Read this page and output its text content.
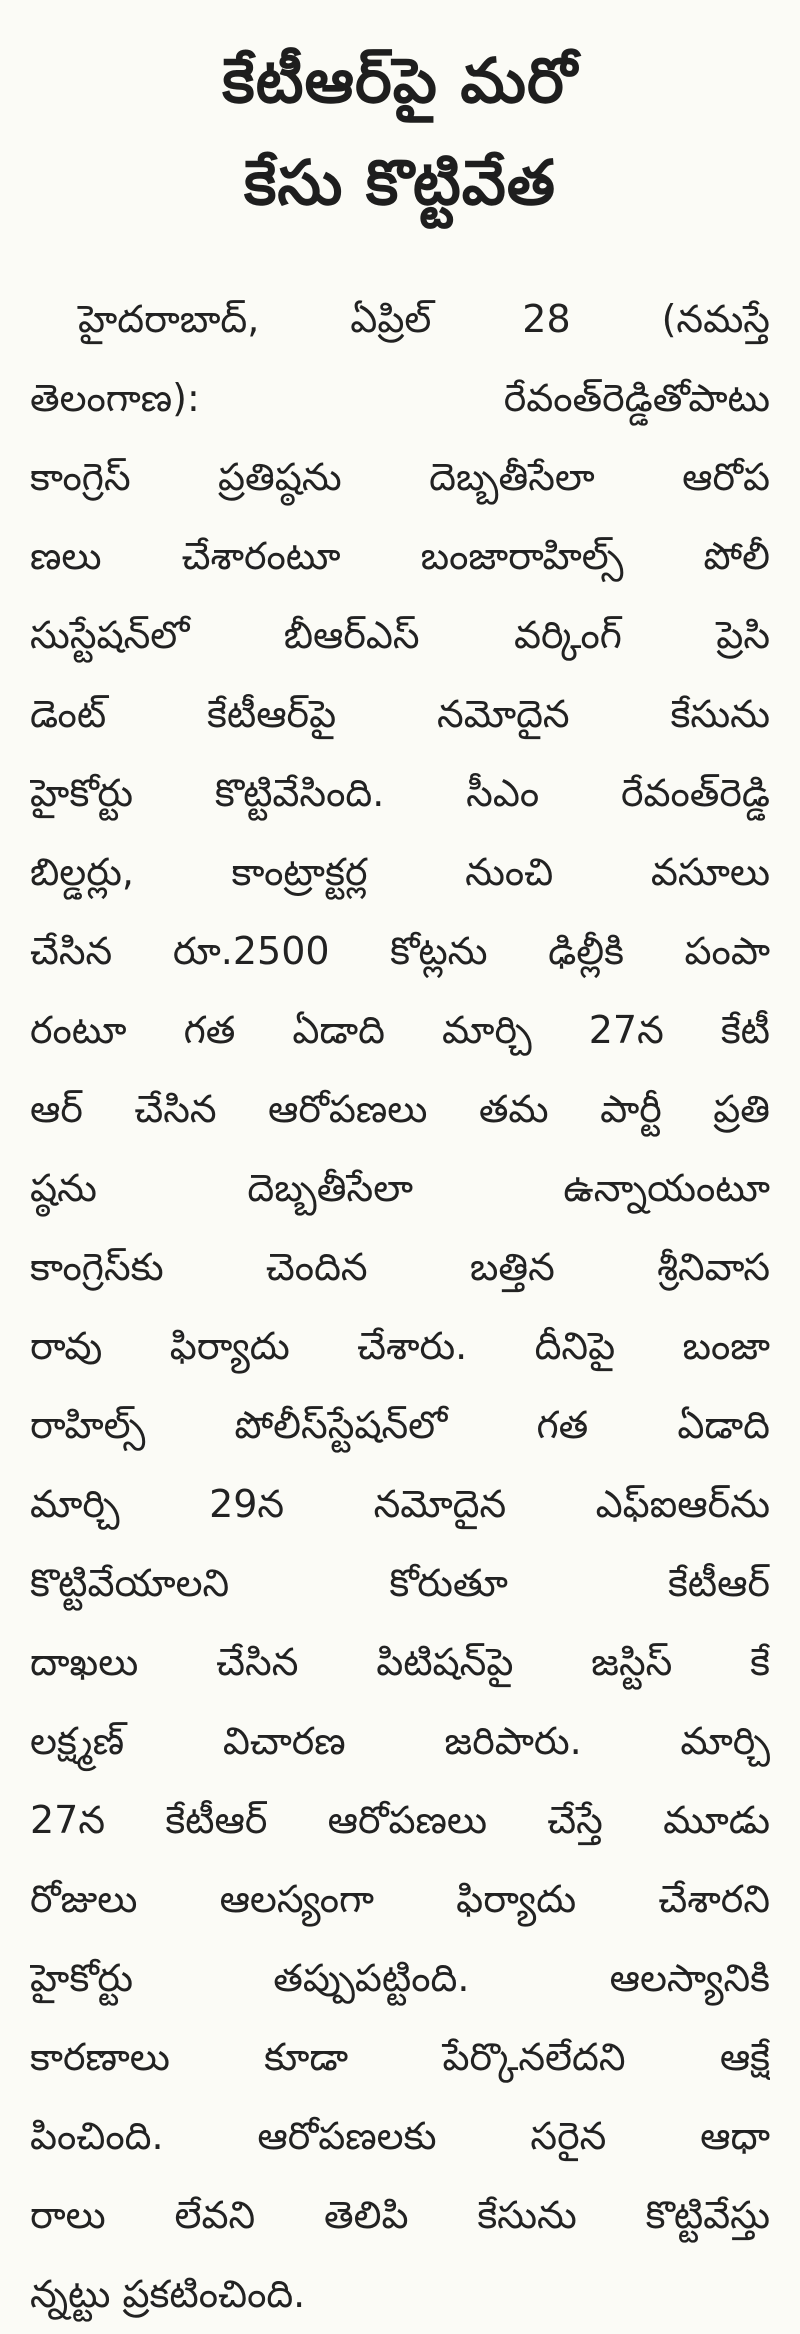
కేటీఆర్‌పై మరో
కేసు కొట్టివేత
హైదరాబాద్‌, ఏప్రిల్‌ 28 (నమస్తే
తెలంగాణ): రేవంత్‌రెడ్డితోపాటు
కాంగ్రెస్‌ ప్రతిష్ఠను దెబ్బతీసేలా ఆరోప
ణలు చేశారంటూ బంజారాహిల్స్‌ పోలీ
సుస్టేషన్‌లో బీఆర్‌ఎస్‌ వర్కింగ్‌ ప్రెసి
డెంట్‌ కేటీఆర్‌పై నమోదైన కేసును
హైకోర్టు కొట్టివేసింది. సీఎం రేవంత్‌రెడ్డి
బిల్డర్లు, కాంట్రాక్టర్ల నుంచి వసూలు
చేసిన రూ.2500 కోట్లను ఢిల్లీకి పంపా
రంటూ గత ఏడాది మార్చి 27న కేటీ
ఆర్‌ చేసిన ఆరోపణలు తమ పార్టీ ప్రతి
ష్ఠను దెబ్బతీసేలా ఉన్నాయంటూ
కాంగ్రెస్‌కు చెందిన బత్తిన శ్రీనివాస
రావు ఫిర్యాదు చేశారు. దీనిపై బంజా
రాహిల్స్‌ పోలీస్‌స్టేషన్‌లో గత ఏడాది
మార్చి 29న నమోదైన ఎఫ్‌ఐఆర్‌ను
కొట్టివేయాలని కోరుతూ కేటీఆర్‌
దాఖలు చేసిన పిటిషన్‌పై జస్టిస్‌ కే
లక్ష్మణ్‌ విచారణ జరిపారు. మార్చి
27న కేటీఆర్‌ ఆరోపణలు చేస్తే మూడు
రోజులు ఆలస్యంగా ఫిర్యాదు చేశారని
హైకోర్టు తప్పుపట్టింది. ఆలస్యానికి
కారణాలు కూడా పేర్కొనలేదని ఆక్షే
పించింది. ఆరోపణలకు సరైన ఆధా
రాలు లేవని తెలిపి కేసును కొట్టివేస్తు
న్నట్టు ప్రకటించింది.
